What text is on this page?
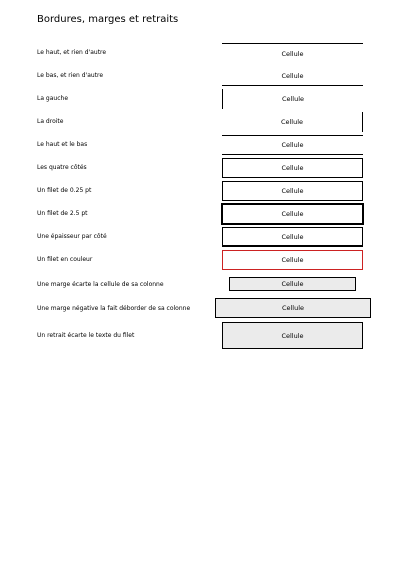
Bordures, marges et retraits
Le haut, et rien d'autre	Cellule
Le bas, et rien d'autre	Cellule
La gauche	Cellule
La droite	Cellule
Le haut et le bas	Cellule
Les quatre côtés	Cellule
Un filet de 0.25 pt	Cellule
Un filet de 2.5 pt	Cellule
Une épaisseur par côté	Cellule
Un filet en couleur	Cellule
Une marge écarte la cellule de sa colonne	Cellule
Une marge négative la fait déborder de sa colonne	Cellule
Un retrait écarte le texte du filet	Cellule
